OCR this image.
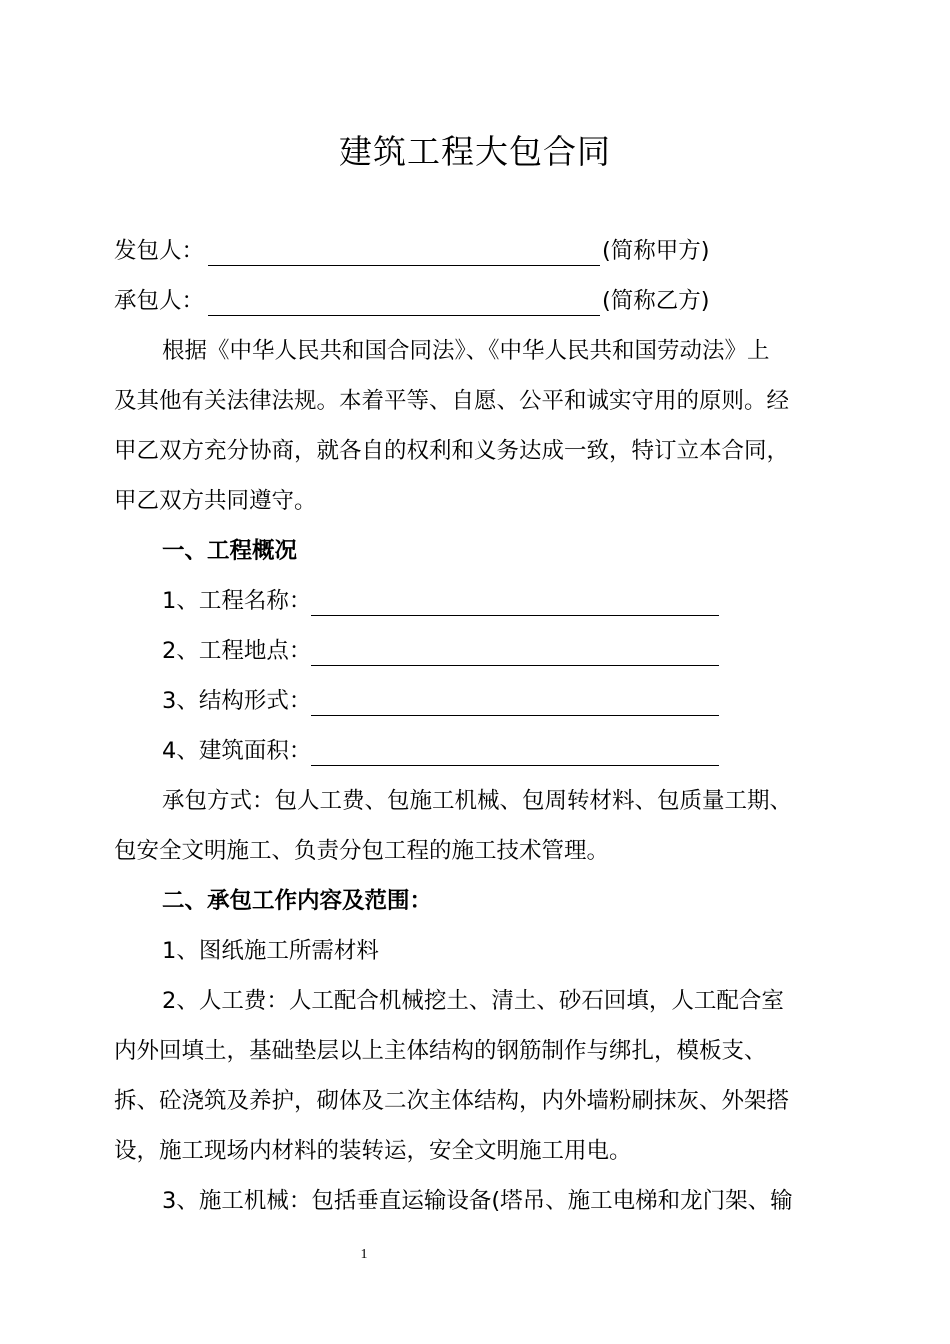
建筑工程大包合同
发包人：	(简称甲方)
承包人：	(简称乙方)
根据《中华人民共和国合同法》、《中华人民共和国劳动法》上
及其他有关法律法规。本着平等、自愿、公平和诚实守用的原则。经
甲乙双方充分协商，就各自的权利和义务达成一致，特订立本合同，
甲乙双方共同遵守。
一、工程概况
1、工程名称：
2、工程地点：
3、结构形式：
4、建筑面积：
承包方式：包人工费、包施工机械、包周转材料、包质量工期、
包安全文明施工、负责分包工程的施工技术管理。
二、承包工作内容及范围：
1、图纸施工所需材料
2、人工费：人工配合机械挖土、清土、砂石回填，人工配合室
内外回填土，基础垫层以上主体结构的钢筋制作与绑扎，模板支、
拆、砼浇筑及养护，砌体及二次主体结构，内外墙粉刷抹灰、外架搭
设，施工现场内材料的装转运，安全文明施工用电。
3、施工机械：包括垂直运输设备(塔吊、施工电梯和龙门架、输
1
